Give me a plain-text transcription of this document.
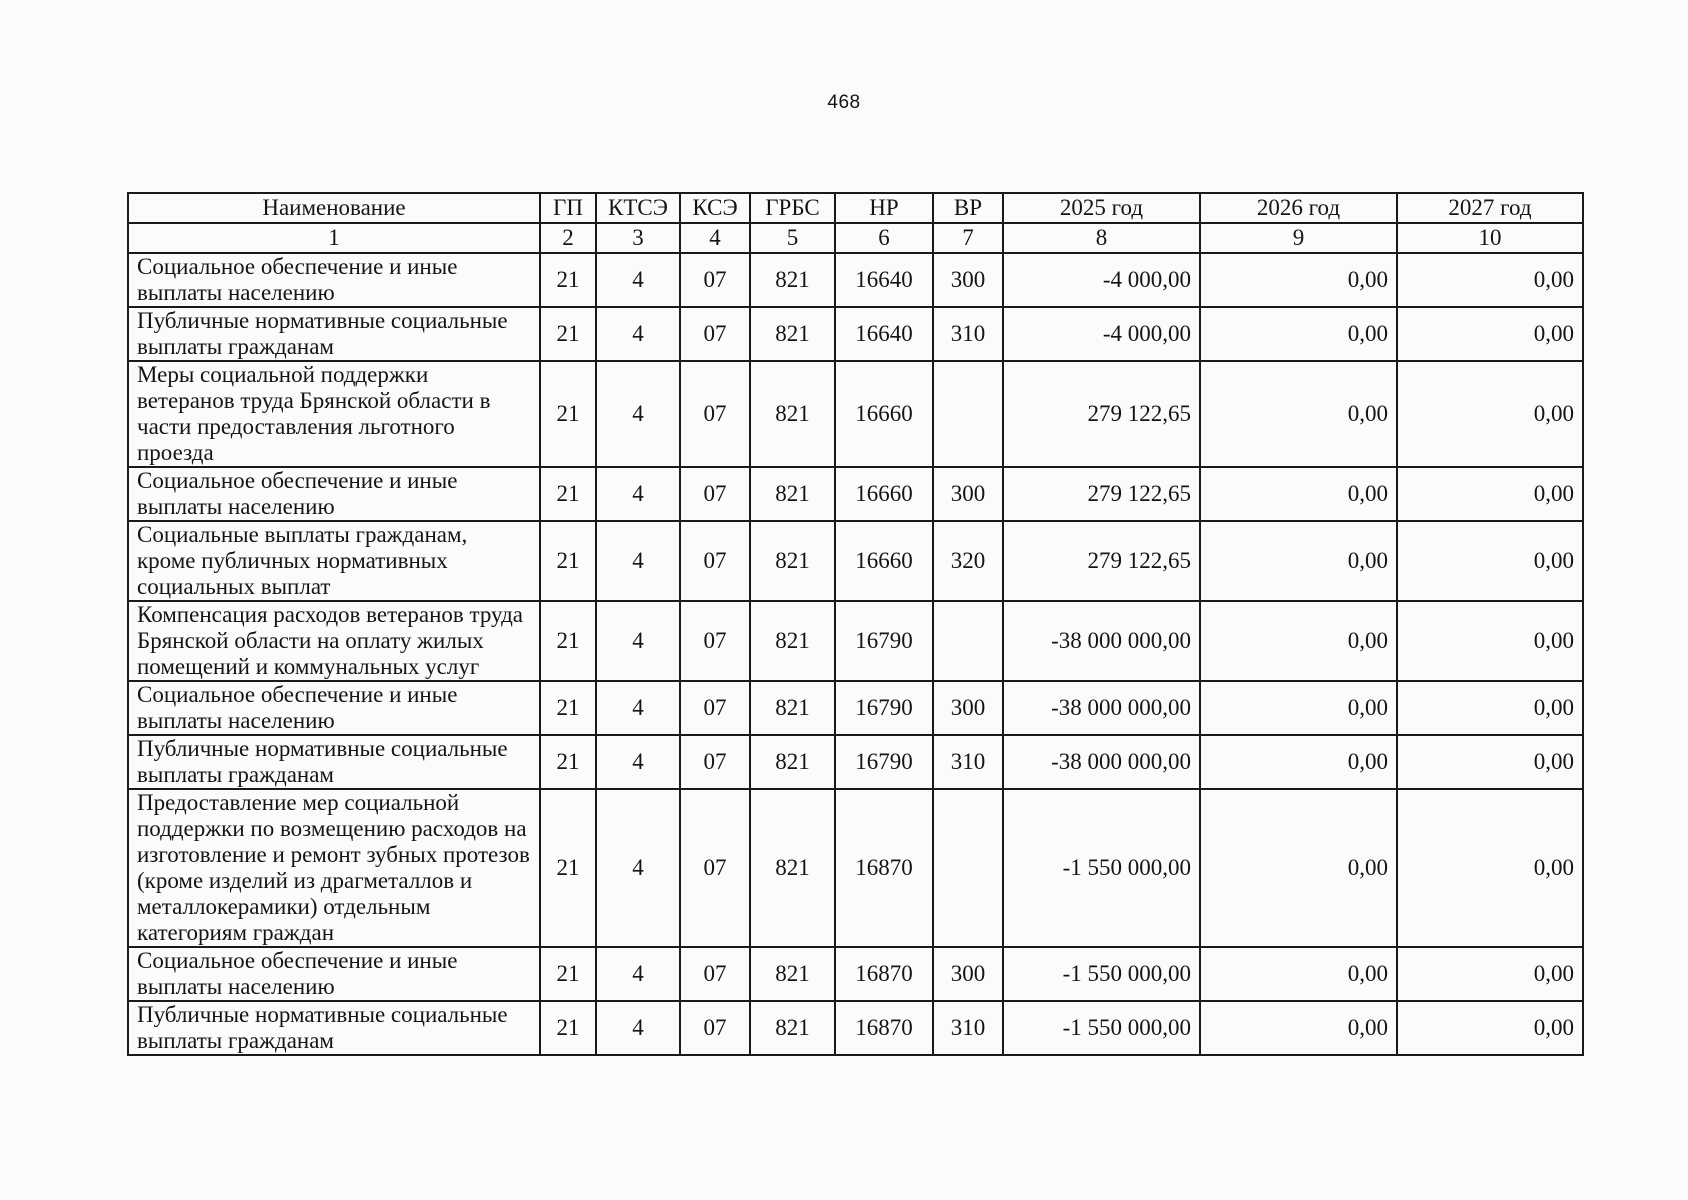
468
Наименование	ГП	КТСЭ	КСЭ	ГРБС	НР	ВР	2025 год	2026 год	2027 год
1	2	3	4	5	6	7	8	9	10
Социальное обеспечение и иные выплаты населению	21	4	07	821	16640	300	-4 000,00	0,00	0,00
Публичные нормативные социальные выплаты гражданам	21	4	07	821	16640	310	-4 000,00	0,00	0,00
Меры социальной поддержки ветеранов труда Брянской области в части предоставления льготного проезда	21	4	07	821	16660		279 122,65	0,00	0,00
Социальное обеспечение и иные выплаты населению	21	4	07	821	16660	300	279 122,65	0,00	0,00
Социальные выплаты гражданам, кроме публичных нормативных социальных выплат	21	4	07	821	16660	320	279 122,65	0,00	0,00
Компенсация расходов ветеранов труда Брянской области на оплату жилых помещений и коммунальных услуг	21	4	07	821	16790		-38 000 000,00	0,00	0,00
Социальное обеспечение и иные выплаты населению	21	4	07	821	16790	300	-38 000 000,00	0,00	0,00
Публичные нормативные социальные выплаты гражданам	21	4	07	821	16790	310	-38 000 000,00	0,00	0,00
Предоставление мер социальной поддержки по возмещению расходов на изготовление и ремонт зубных протезов (кроме изделий из драгметаллов и металлокерамики) отдельным категориям граждан	21	4	07	821	16870		-1 550 000,00	0,00	0,00
Социальное обеспечение и иные выплаты населению	21	4	07	821	16870	300	-1 550 000,00	0,00	0,00
Публичные нормативные социальные выплаты гражданам	21	4	07	821	16870	310	-1 550 000,00	0,00	0,00
